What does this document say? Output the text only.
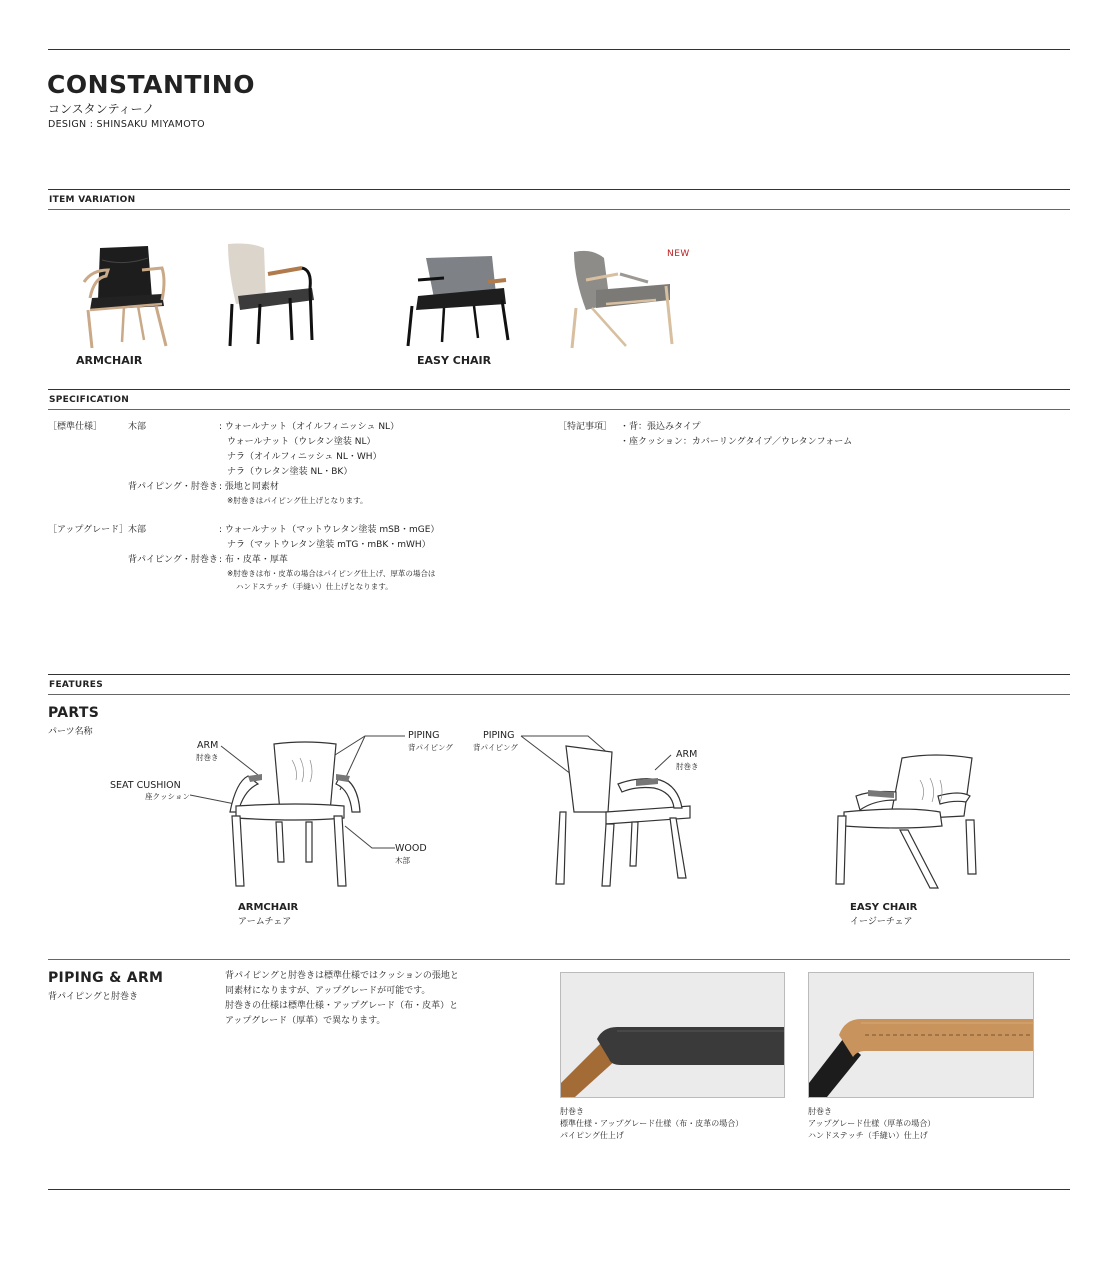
CONSTANTINO
コンスタンティーノ
DESIGN : SHINSAKU MIYAMOTO
ITEM VARIATION
NEW
ARMCHAIR	EASY CHAIR
SPECIFICATION
［標準仕様］	木部	: ウォールナット（オイルフィニッシュ NL）
ウォールナット（ウレタン塗装 NL）
ナラ（オイルフィニッシュ NL・WH）
ナラ（ウレタン塗装 NL・BK）
背パイピング・肘巻き : 張地と同素材
※肘巻きはパイピング仕上げとなります。
［アップグレード］ 木部	: ウォールナット（マットウレタン塗装 mSB・mGE）
ナラ（マットウレタン塗装 mTG・mBK・mWH）
背パイピング・肘巻き : 布・皮革・厚革
※肘巻きは布・皮革の場合はパイピング仕上げ、厚革の場合は
ハンドステッチ（手縫い）仕上げとなります。
［特記事項］ ・背：張込みタイプ
・座クッション：カバーリングタイプ／ウレタンフォーム
FEATURES
PARTS
パーツ名称
ARM
肘巻き
SEAT CUSHION
座クッション
PIPING
背パイピング
WOOD
木部
PIPING
背パイピング
ARM
肘巻き
ARMCHAIR
アームチェア
EASY CHAIR
イージーチェア
PIPING & ARM
背パイピングと肘巻き
背パイピングと肘巻きは標準仕様ではクッションの張地と
同素材になりますが、アップグレードが可能です。
肘巻きの仕様は標準仕様・アップグレード（布・皮革）と
アップグレード（厚革）で異なります。
肘巻き
標準仕様・アップグレード仕様（布・皮革の場合）
パイピング仕上げ
肘巻き
アップグレード仕様（厚革の場合）
ハンドステッチ（手縫い）仕上げ
